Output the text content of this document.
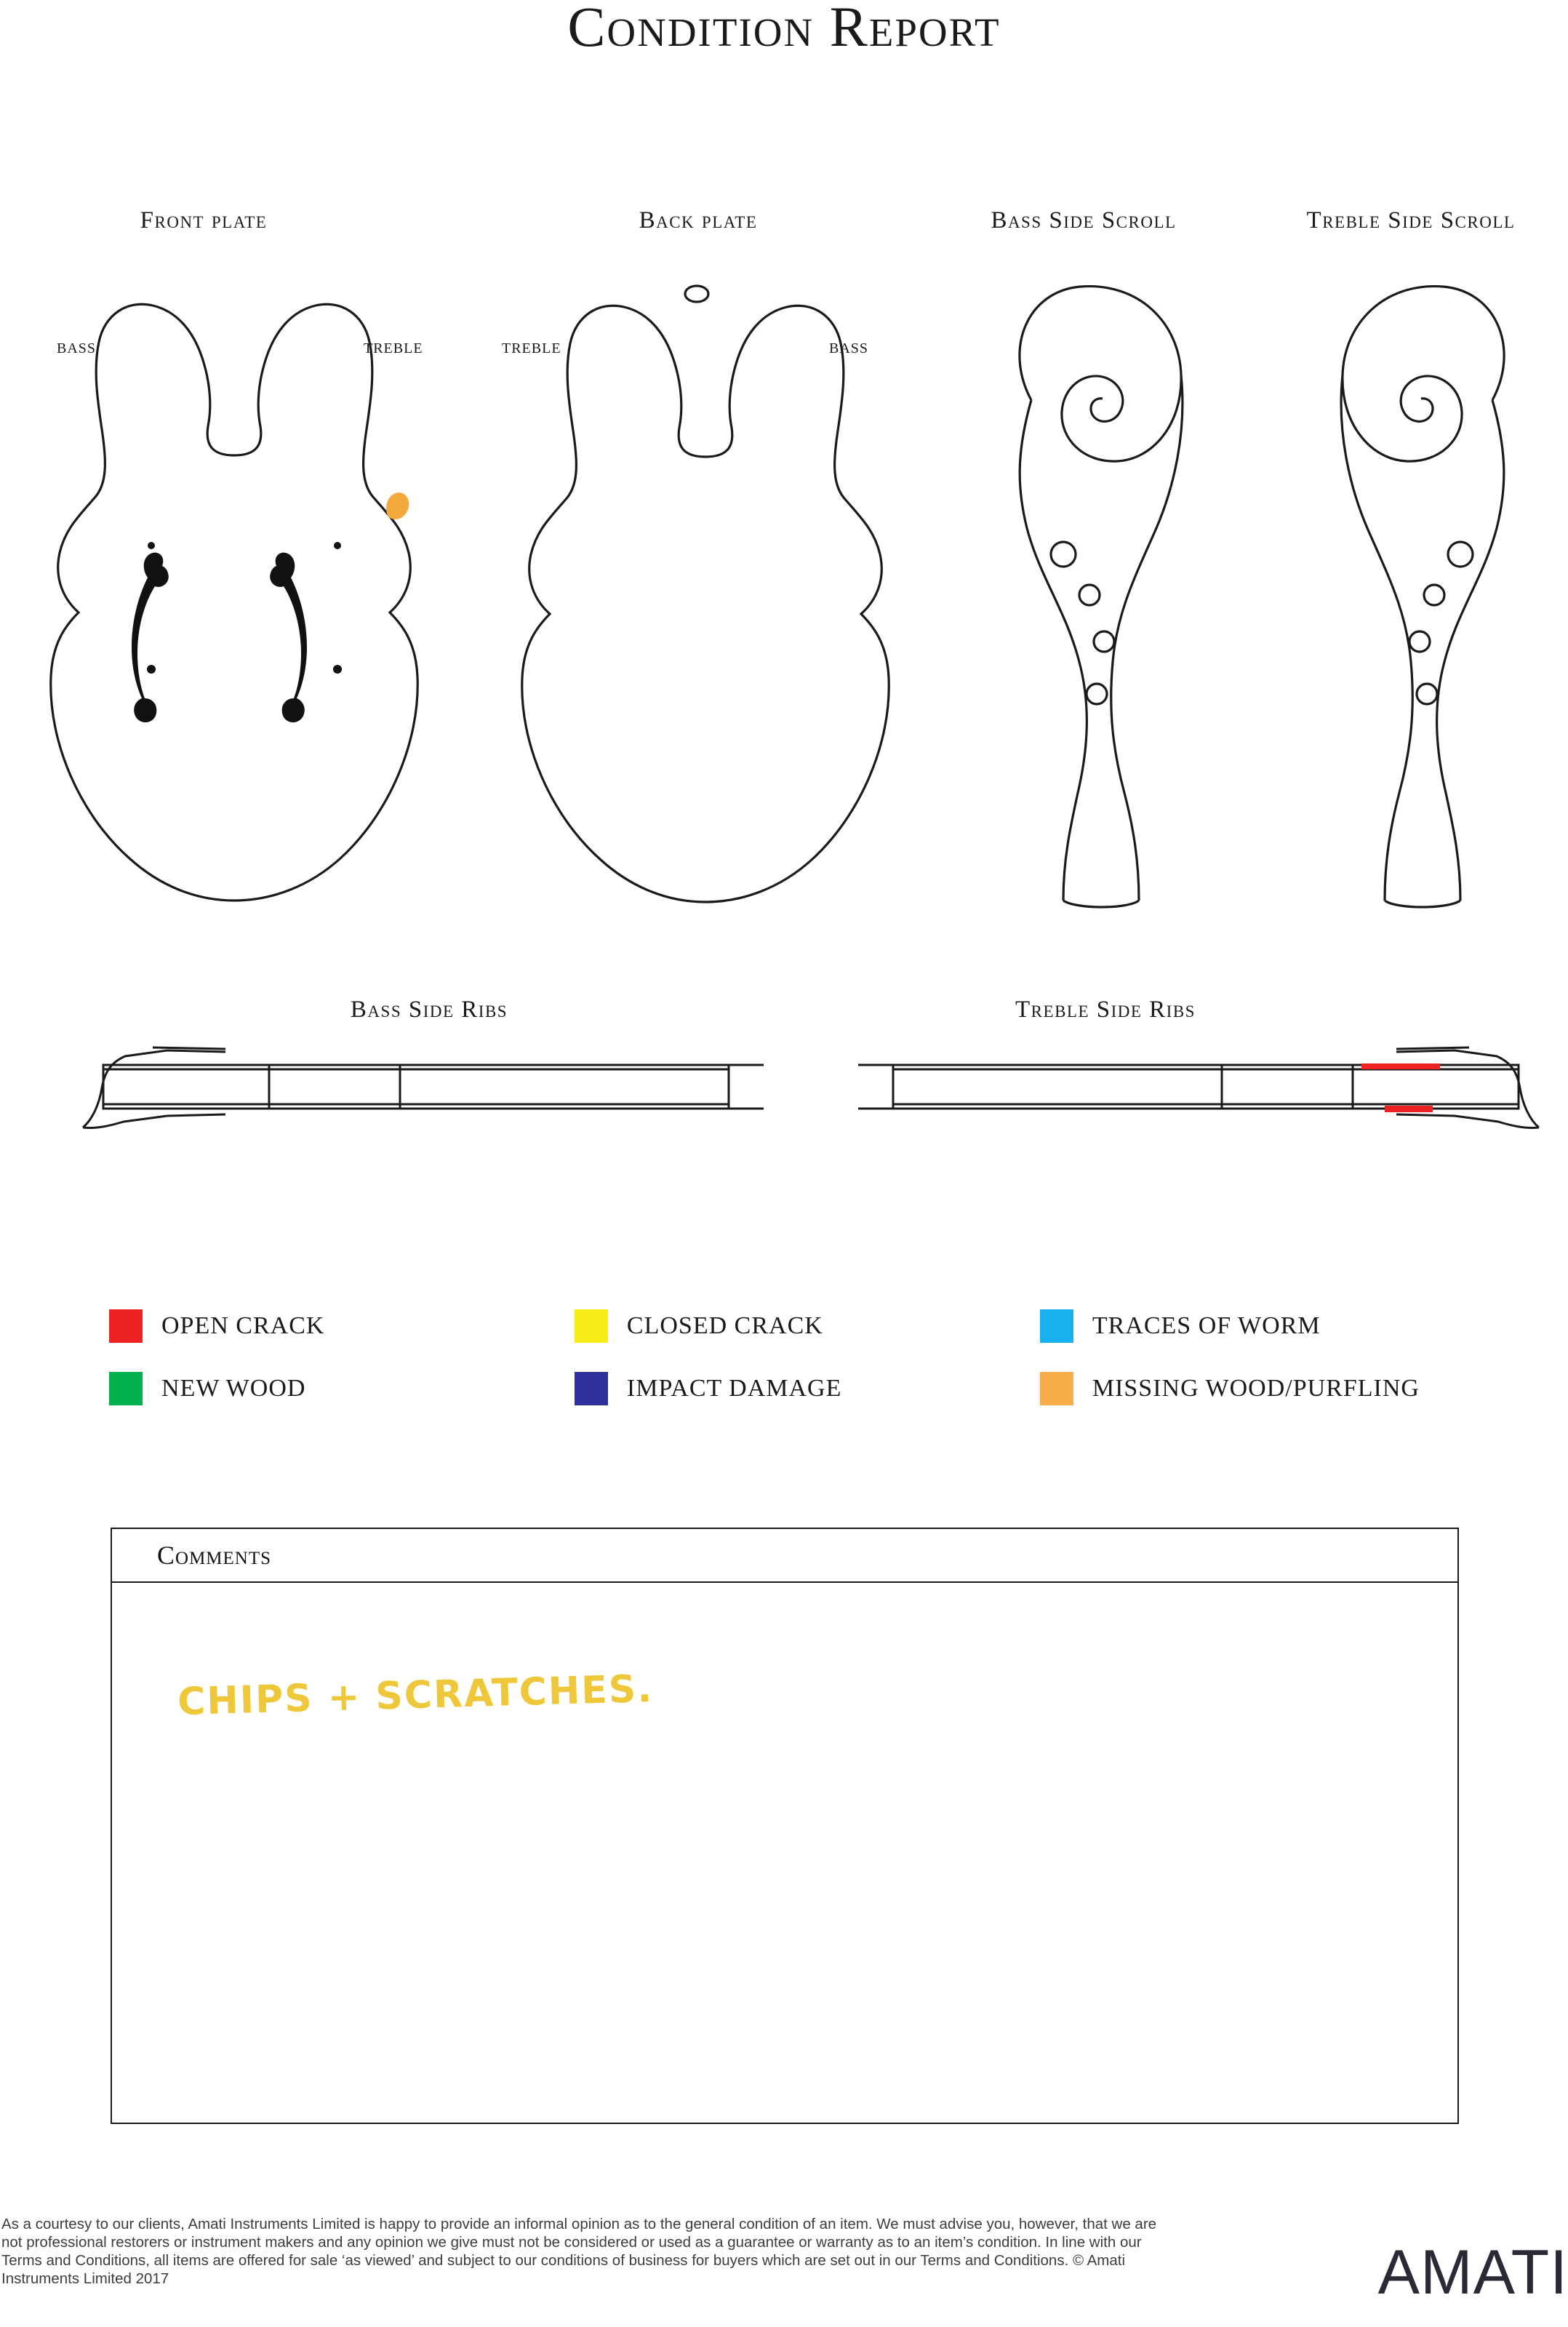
Condition Report
Front plate	Back plate	Bass Side Scroll	Treble Side Scroll
BASS	TREBLE	TREBLE	BASS
Bass Side Ribs	Treble Side Ribs
OPEN CRACK	CLOSED CRACK	TRACES OF WORM
NEW WOOD	IMPACT DAMAGE	MISSING WOOD/PURFLING
Comments
CHIPS + SCRATCHES.
As a courtesy to our clients, Amati Instruments Limited is happy to provide an informal opinion as to the general condition of an item. We must advise you, however, that we are not professional restorers or instrument makers and any opinion we give must not be considered or used as a guarantee or warranty as to an item’s condition. In line with our Terms and Conditions, all items are offered for sale ‘as viewed’ and subject to our conditions of business for buyers which are set out in our Terms and Conditions. © Amati Instruments Limited 2017	AMATI
